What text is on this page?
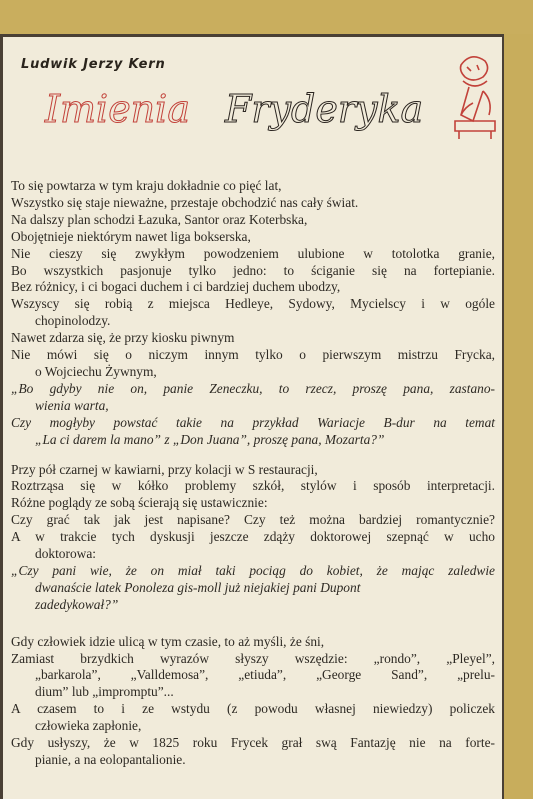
Ludwik Jerzy Kern
Imienia Fryderyka
To się powtarza w tym kraju dokładnie co pięć lat,
Wszystko się staje nieważne, przestaje obchodzić nas cały świat.
Na dalszy plan schodzi Łazuka, Santor oraz Koterbska,
Obojętnieje niektórym nawet liga bokserska,
Nie cieszy się zwykłym powodzeniem ulubione w totolotka granie,
Bo wszystkich pasjonuje tylko jedno: to ściganie się na fortepianie.
Bez różnicy, i ci bogaci duchem i ci bardziej duchem ubodzy,
Wszyscy się robią z miejsca Hedleye, Sydowy, Mycielscy i w ogóle
chopinolodzy.
Nawet zdarza się, że przy kiosku piwnym
Nie mówi się o niczym innym tylko o pierwszym mistrzu Frycka,
o Wojciechu Żywnym,
„Bo gdyby nie on, panie Zeneczku, to rzecz, proszę pana, zastano-
wienia warta,
Czy mogłyby powstać takie na przykład Wariacje B-dur na temat
„La ci darem la mano” z „Don Juana”, proszę pana, Mozarta?”
Przy pół czarnej w kawiarni, przy kolacji w S restauracji,
Roztrząsa się w kółko problemy szkół, stylów i sposób interpretacji.
Różne poglądy ze sobą ścierają się ustawicznie:
Czy grać tak jak jest napisane? Czy też można bardziej romantycznie?
A w trakcie tych dyskusji jeszcze zdąży doktorowej szepnąć w ucho
doktorowa:
„Czy pani wie, że on miał taki pociąg do kobiet, że mając zaledwie
dwanaście latek Ponoleza gis-moll już niejakiej pani Dupont
zadedykował?”
Gdy człowiek idzie ulicą w tym czasie, to aż myśli, że śni,
Zamiast brzydkich wyrazów słyszy wszędzie: „rondo”, „Pleyel”,
„barkarola”, „Valldemosa”, „etiuda”, „George Sand”, „prelu-
dium” lub „impromptu”...
A czasem to i ze wstydu (z powodu własnej niewiedzy) policzek
człowieka zapłonie,
Gdy usłyszy, że w 1825 roku Frycek grał swą Fantazję nie na forte-
pianie, a na eolopantalionie.
